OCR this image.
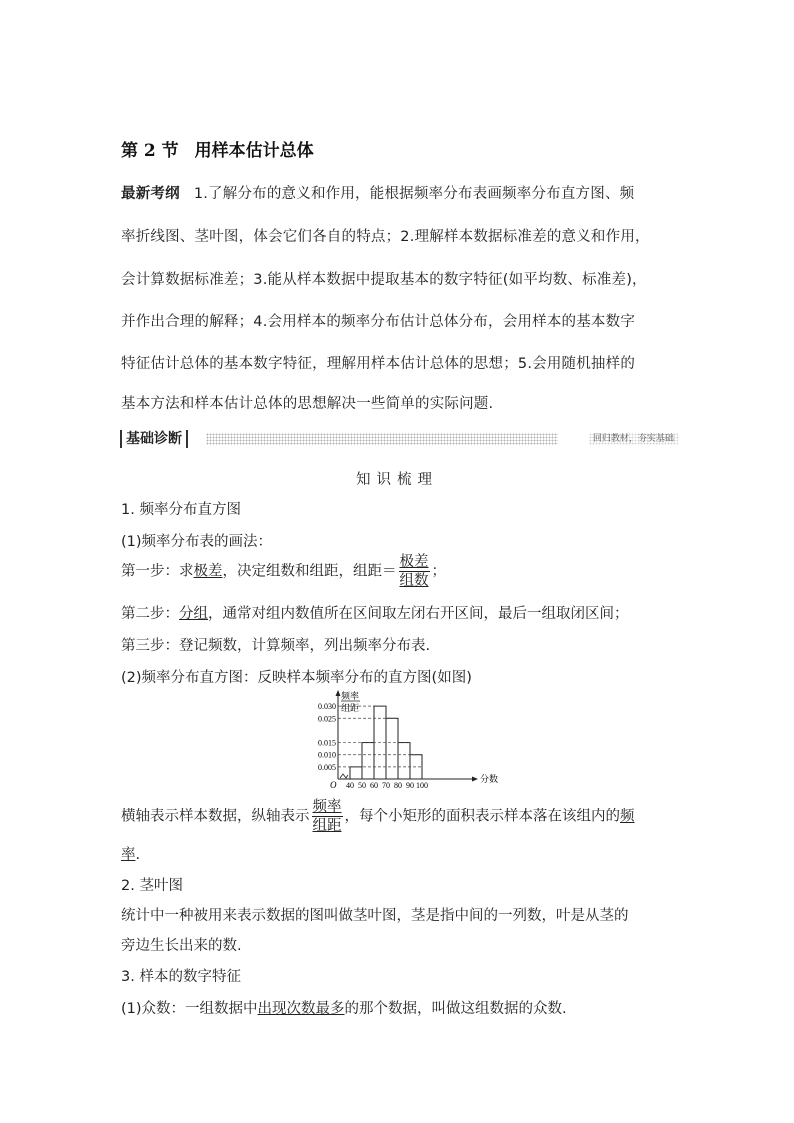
第 2 节 用样本估计总体
最新考纲 1.了解分布的意义和作用，能根据频率分布表画频率分布直方图、频
率折线图、茎叶图，体会它们各自的特点；2.理解样本数据标准差的意义和作用，
会计算数据标准差；3.能从样本数据中提取基本的数字特征(如平均数、标准差)，
并作出合理的解释；4.会用样本的频率分布估计总体分布，会用样本的基本数字
特征估计总体的基本数字特征，理解用样本估计总体的思想；5.会用随机抽样的
基本方法和样本估计总体的思想解决一些简单的实际问题.
基础诊断	回归教材，夯实基础
知识梳理
1. 频率分布直方图
(1)频率分布表的画法：
第一步：求极差，决定组数和组距，组距＝ $\frac{\text{极差}}{\text{组数}}$ ；
第二步：分组，通常对组内数值所在区间取左闭右开区间，最后一组取闭区间；
第三步：登记频数，计算频率，列出频率分布表.
(2)频率分布直方图：反映样本频率分布的直方图(如图)
频率
组距
分数
O
0.005
0.010
0.015
0.025
0.030
40 50 60 70 80 90 100
横轴表示样本数据，纵轴表示 $\frac{\text{频率}}{\text{组距}}$ ，每个小矩形的面积表示样本落在该组内的频
率.
2. 茎叶图
统计中一种被用来表示数据的图叫做茎叶图，茎是指中间的一列数，叶是从茎的
旁边生长出来的数.
3. 样本的数字特征
(1)众数：一组数据中出现次数最多的那个数据，叫做这组数据的众数.
